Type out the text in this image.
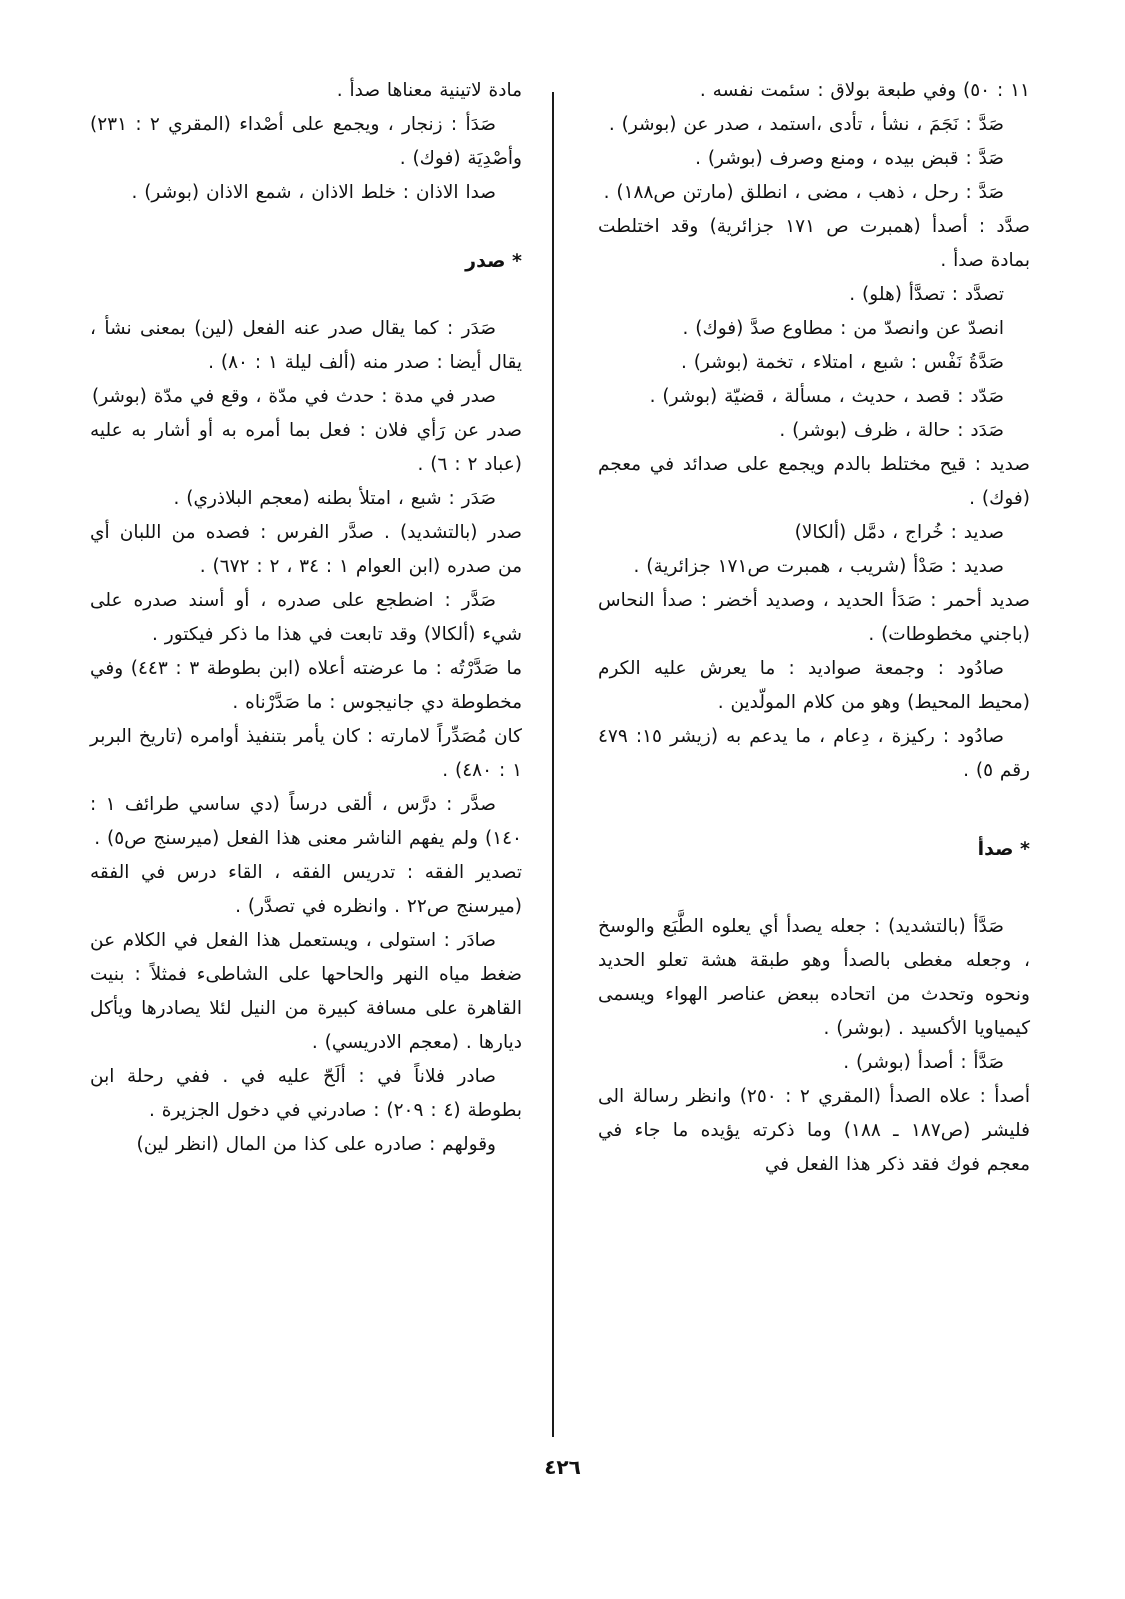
١١ : ٥٠) وفي طبعة بولاق : سئمت نفسه .

صَدَّ : نَجَمَ ، نشأ ، تأدى ،استمد ، صدر عن (بوشر) .

صَدَّ : قبض بيده ، ومنع وصرف (بوشر) .

صَدَّ : رحل ، ذهب ، مضى ، انطلق (مارتن ص١٨٨) .

صدَّد : أصدأ (همبرت ص ١٧١ جزائرية) وقد اختلطت بمادة صدأ .

تصدَّد : تصدَّأ (هلو) .

انصدّ عن وانصدّ من : مطاوع صدَّ (فوك) .

صَدَّةُ نَفْس : شبع ، امتلاء ، تخمة (بوشر) .

صَدّد : قصد ، حديث ، مسألة ، قضيّة (بوشر) .

صَدَد : حالة ، ظرف (بوشر) .

صديد : قيح مختلط بالدم ويجمع على صدائد في معجم (فوك) .

صديد : خُراج ، دمَّل (ألكالا)

صديد : صَدْأ (شريب ، همبرت ص١٧١ جزائرية) .

صديد أحمر : صَدَأ الحديد ، وصديد أخضر : صدأ النحاس (باجني مخطوطات) .

صادُود : وجمعة صواديد : ما يعرش عليه الكرم (محيط المحيط) وهو من كلام المولّدين .

صادُود : ركيزة ، دِعام ، ما يدعم به (زيشر ١٥: ٤٧٩ رقم ٥) .

* صدأ

صَدَّأ (بالتشديد) : جعله يصدأ أي يعلوه الطَّبَع والوسخ ، وجعله مغطى بالصدأ وهو طبقة هشة تعلو الحديد ونحوه وتحدث من اتحاده ببعض عناصر الهواء ويسمى كيمياويا الأكسيد . (بوشر) .

صَدَّأ : أصدأ (بوشر) .

أصدأ : علاه الصدأ (المقري ٢ : ٢٥٠) وانظر رسالة الى فليشر (ص١٨٧ ـ ١٨٨) وما ذكرته يؤيده ما جاء في معجم فوك فقد ذكر هذا الفعل في

مادة لاتينية معناها صدأ .

صَدَأ : زنجار ، ويجمع على أصْداء (المقري ٢ : ٢٣١) وأصْدِيَة (فوك) .

صدا الاذان : خلط الاذان ، شمع الاذان (بوشر) .

* صدر

صَدَر : كما يقال صدر عنه الفعل (لين) بمعنى نشأ ، يقال أيضا : صدر منه (ألف ليلة ١ : ٨٠) .

صدر في مدة : حدث في مدّة ، وقع في مدّة (بوشر)

صدر عن رَأي فلان : فعل بما أمره به أو أشار به عليه (عباد ٢ : ٦) .

صَدَر : شبع ، امتلأ بطنه (معجم البلاذري) .

صدر (بالتشديد) . صدَّر الفرس : فصده من اللبان أي من صدره (ابن العوام ١ : ٣٤ ، ٢ : ٦٧٢) .

صَدَّر : اضطجع على صدره ، أو أسند صدره على شيء (ألكالا) وقد تابعت في هذا ما ذكر فيكتور .

ما صَدَّرْتُه : ما عرضته أعلاه (ابن بطوطة ٣ : ٤٤٣) وفي مخطوطة دي جانيجوس : ما صَدَّرْناه .

كان مُصَدِّراً لامارته : كان يأمر بتنفيذ أوامره (تاريخ البربر ١ : ٤٨٠) .

صدَّر : درَّس ، ألقى درساً (دي ساسي طرائف ١ : ١٤٠) ولم يفهم الناشر معنى هذا الفعل (ميرسنج ص٥) .

تصدير الفقه : تدريس الفقه ، القاء درس في الفقه (ميرسنج ص٢٢ . وانظره في تصدَّر) .

صادَر : استولى ، ويستعمل هذا الفعل في الكلام عن ضغط مياه النهر والحاحها على الشاطىء فمثلاً : بنيت القاهرة على مسافة كبيرة من النيل لئلا يصادرها ويأكل ديارها . (معجم الادريسي) .

صادر فلاناً في : ألَحّ عليه في . ففي رحلة ابن بطوطة (٤ : ٢٠٩) : صادرني في دخول الجزيرة .

وقولهم : صادره على كذا من المال (انظر لين)

٤٢٦
